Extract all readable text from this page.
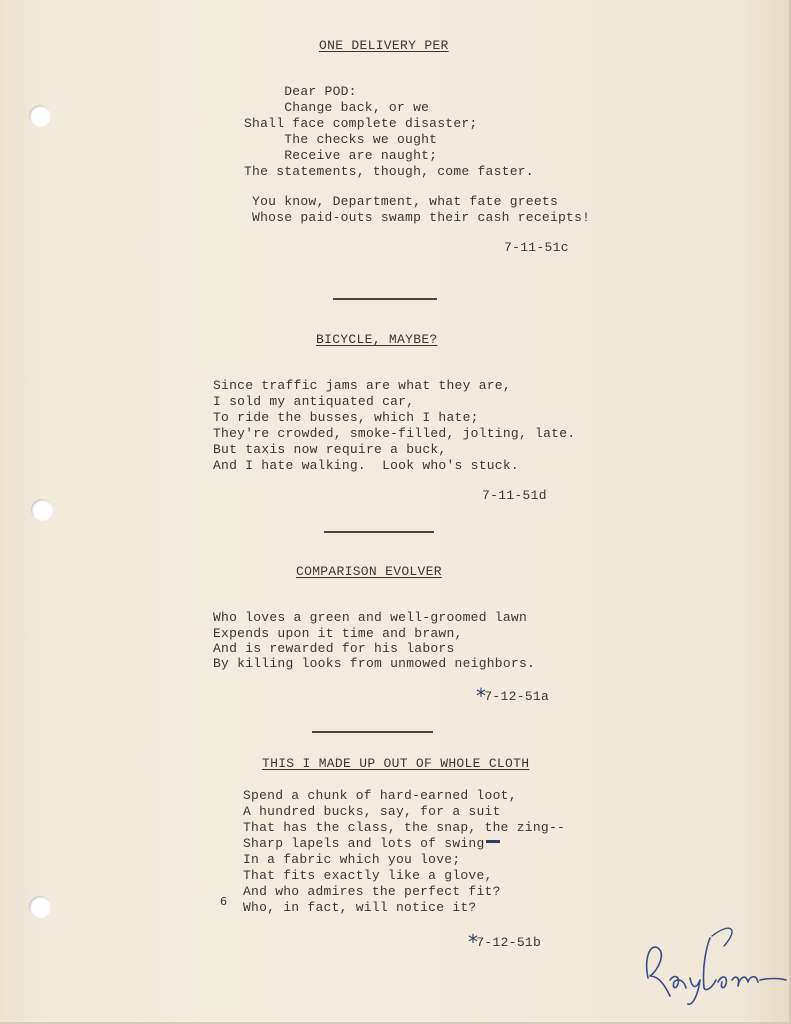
ONE DELIVERY PER
Dear POD:
Change back, or we
Shall face complete disaster;
The checks we ought
Receive are naught;
The statements, though, come faster.
You know, Department, what fate greets
Whose paid-outs swamp their cash receipts!
7-11-51c
BICYCLE, MAYBE?
Since traffic jams are what they are,
I sold my antiquated car,
To ride the busses, which I hate;
They're crowded, smoke-filled, jolting, late.
But taxis now require a buck,
And I hate walking.  Look who's stuck.
7-11-51d
COMPARISON EVOLVER
Who loves a green and well-groomed lawn
Expends upon it time and brawn,
And is rewarded for his labors
By killing looks from unmowed neighbors.
*7-12-51a
THIS I MADE UP OUT OF WHOLE CLOTH
Spend a chunk of hard-earned loot,
A hundred bucks, say, for a suit
That has the class, the snap, the zing--
Sharp lapels and lots of swing
In a fabric which you love;
That fits exactly like a glove,
And who admires the perfect fit?
Who, in fact, will notice it?
6
*7-12-51b
